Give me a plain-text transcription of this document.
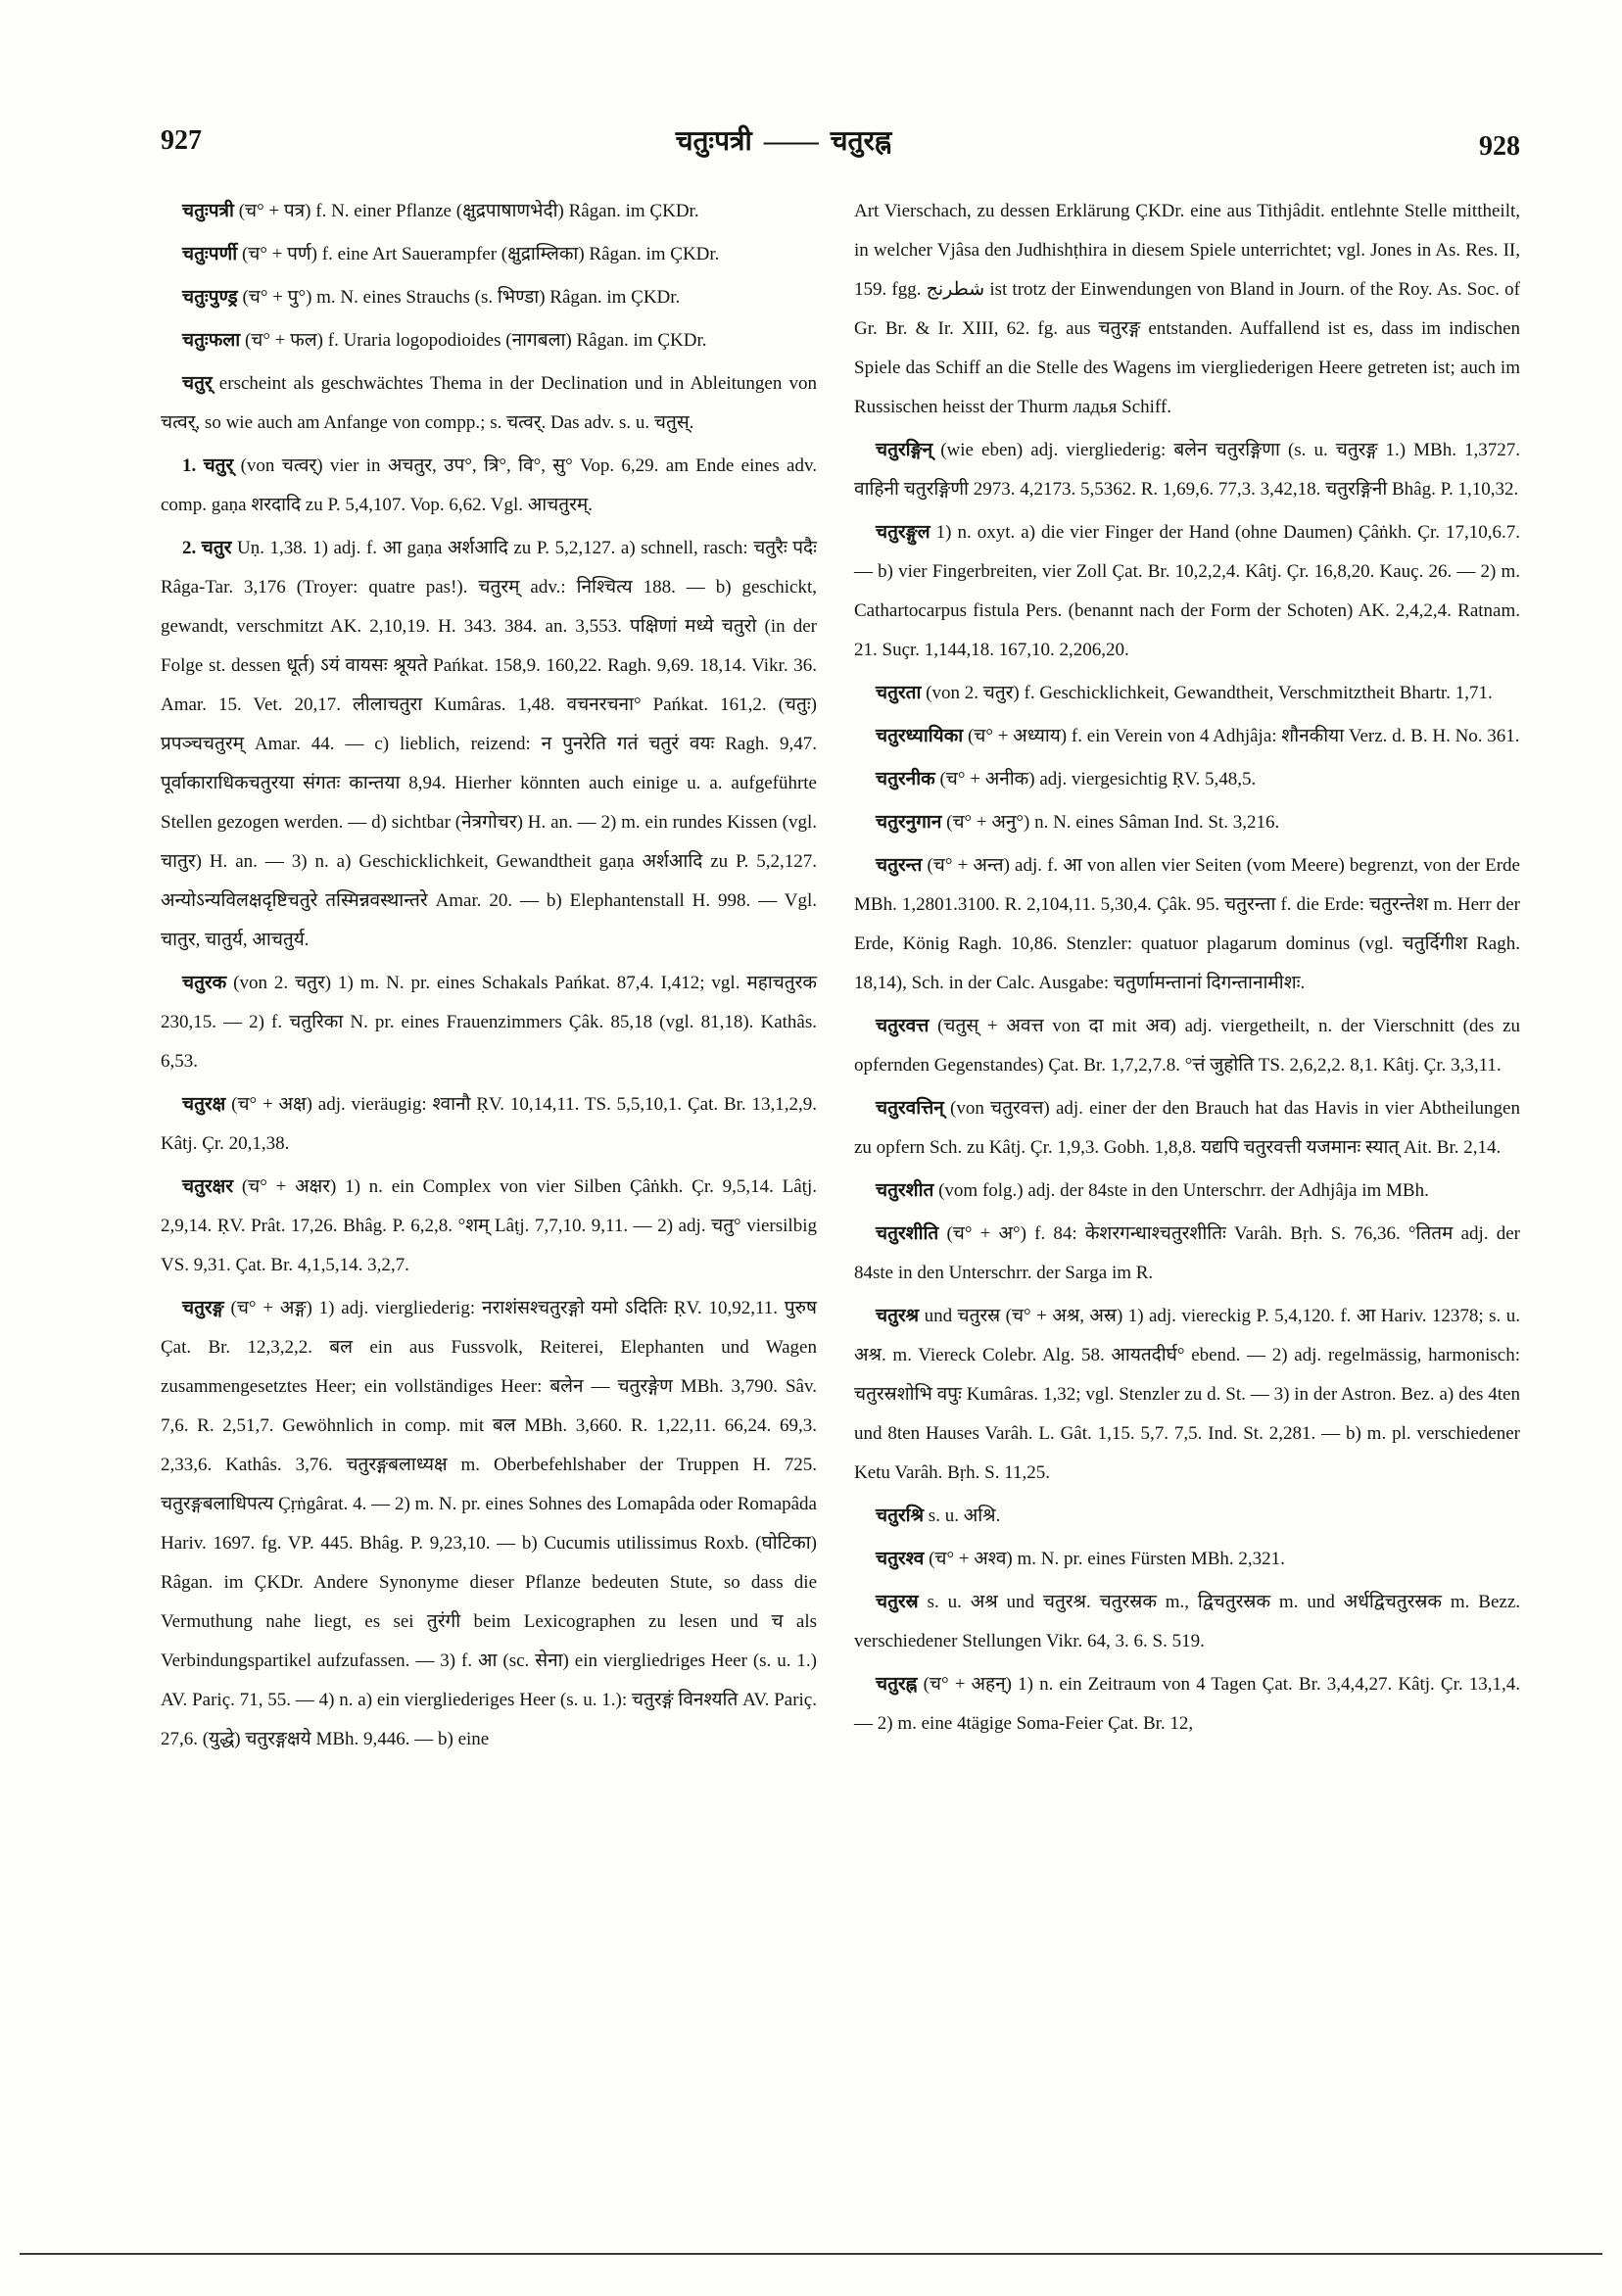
927	चतुःपत्री —— चतुरह्न	928

चतुःपत्री (च° + पत्र) f. N. einer Pflanze (क्षुद्रपाषाणभेदी) Râgan. im ÇKDr.

चतुःपर्णी (च° + पर्ण) f. eine Art Sauerampfer (क्षुद्राम्लिका) Râgan. im ÇKDr.

चतुःपुण्ड्र (च° + पु°) m. N. eines Strauchs (s. भिण्डा) Râgan. im ÇKDr.

चतुःफला (च° + फल) f. Uraria logopodioides (नागबला) Râgan. im ÇKDr.

चतुर् erscheint als geschwächtes Thema in der Declination und in Ableitungen von चत्वर्, so wie auch am Anfange von compp.; s. चत्वर्. Das adv. s. u. चतुस्.

1. चतुर् (von चत्वर्) vier in अचतुर, उप°, त्रि°, वि°, सु° Vop. 6,29. am Ende eines adv. comp. gaṇa शरदादि zu P. 5,4,107. Vop. 6,62. Vgl. आचतुरम्.

2. चतुर Uṇ. 1,38. 1) adj. f. आ gaṇa अर्शआदि zu P. 5,2,127. a) schnell, rasch: चतुरैः पदैः Râga-Tar. 3,176 (Troyer: quatre pas!). चतुरम् adv.: निश्चित्य 188. — b) geschickt, gewandt, verschmitzt AK. 2,10,19. H. 343. 384. an. 3,553. पक्षिणां मध्ये चतुरो (in der Folge st. dessen धूर्त) ऽयं वायसः श्रूयते Pańkat. 158,9. 160,22. Ragh. 9,69. 18,14. Vikr. 36. Amar. 15. Vet. 20,17. लीलाचतुरा Kumâras. 1,48. वचनरचना° Pańkat. 161,2. (चतुः) प्रपञ्चचतुरम् Amar. 44. — c) lieblich, reizend: न पुनरेति गतं चतुरं वयः Ragh. 9,47. पूर्वाकाराधिकचतुरया संगतः कान्तया 8,94. Hierher könnten auch einige u. a. aufgeführte Stellen gezogen werden. — d) sichtbar (नेत्रगोचर) H. an. — 2) m. ein rundes Kissen (vgl. चातुर) H. an. — 3) n. a) Geschicklichkeit, Gewandtheit gaṇa अर्शआदि zu P. 5,2,127. अन्योऽन्यविलक्षदृष्टिचतुरे तस्मिन्नवस्थान्तरे Amar. 20. — b) Elephantenstall H. 998. — Vgl. चातुर, चातुर्य, आचतुर्य.

चतुरक (von 2. चतुर) 1) m. N. pr. eines Schakals Pańkat. 87,4. I,412; vgl. महाचतुरक 230,15. — 2) f. चतुरिका N. pr. eines Frauenzimmers Çâk. 85,18 (vgl. 81,18). Kathâs. 6,53.

चतुरक्ष (च° + अक्ष) adj. vieräugig: श्वानौ ṚV. 10,14,11. TS. 5,5,10,1. Çat. Br. 13,1,2,9. Kâtj. Çr. 20,1,38.

चतुरक्षर (च° + अक्षर) 1) n. ein Complex von vier Silben Çâṅkh. Çr. 9,5,14. Lâṭj. 2,9,14. ṚV. Prât. 17,26. Bhâg. P. 6,2,8. °शम् Lâṭj. 7,7,10. 9,11. — 2) adj. चतु° viersilbig VS. 9,31. Çat. Br. 4,1,5,14. 3,2,7.

चतुरङ्ग (च° + अङ्ग) 1) adj. viergliederig: नराशंसश्चतुरङ्गो यमो ऽदितिः ṚV. 10,92,11. पुरुष Çat. Br. 12,3,2,2. बल ein aus Fussvolk, Reiterei, Elephanten und Wagen zusammengesetztes Heer; ein vollständiges Heer: बलेन — चतुरङ्गेण MBh. 3,790. Sâv. 7,6. R. 2,51,7. Gewöhnlich in comp. mit बल MBh. 3,660. R. 1,22,11. 66,24. 69,3. 2,33,6. Kathâs. 3,76. चतुरङ्गबलाध्यक्ष m. Oberbefehlshaber der Truppen H. 725. चतुरङ्गबलाधिपत्य Çṛṅgârat. 4. — 2) m. N. pr. eines Sohnes des Lomapâda oder Romapâda Hariv. 1697. fg. VP. 445. Bhâg. P. 9,23,10. — b) Cucumis utilissimus Roxb. (घोटिका) Râgan. im ÇKDr. Andere Synonyme dieser Pflanze bedeuten Stute, so dass die Vermuthung nahe liegt, es sei तुरंगी beim Lexicographen zu lesen und च als Verbindungspartikel aufzufassen. — 3) f. आ (sc. सेना) ein viergliedriges Heer (s. u. 1.) AV. Pariç. 71, 55. — 4) n. a) ein viergliederiges Heer (s. u. 1.): चतुरङ्गं विनश्यति AV. Pariç. 27,6. (युद्धे) चतुरङ्गक्षये MBh. 9,446. — b) eine

Art Vierschach, zu dessen Erklärung ÇKDr. eine aus Tithjâdit. entlehnte Stelle mittheilt, in welcher Vjâsa den Judhishṭhira in diesem Spiele unterrichtet; vgl. Jones in As. Res. II, 159. fgg. شطرنج ist trotz der Einwendungen von Bland in Journ. of the Roy. As. Soc. of Gr. Br. & Ir. XIII, 62. fg. aus चतुरङ्ग entstanden. Auffallend ist es, dass im indischen Spiele das Schiff an die Stelle des Wagens im viergliederigen Heere getreten ist; auch im Russischen heisst der Thurm ладья Schiff.

चतुरङ्गिन् (wie eben) adj. viergliederig: बलेन चतुरङ्गिणा (s. u. चतुरङ्ग 1.) MBh. 1,3727. वाहिनी चतुरङ्गिणी 2973. 4,2173. 5,5362. R. 1,69,6. 77,3. 3,42,18. चतुरङ्गिनी Bhâg. P. 1,10,32.

चतुरङ्गुल 1) n. oxyt. a) die vier Finger der Hand (ohne Daumen) Çâṅkh. Çr. 17,10,6.7. — b) vier Fingerbreiten, vier Zoll Çat. Br. 10,2,2,4. Kâtj. Çr. 16,8,20. Kauç. 26. — 2) m. Cathartocarpus fistula Pers. (benannt nach der Form der Schoten) AK. 2,4,2,4. Ratnam. 21. Suçr. 1,144,18. 167,10. 2,206,20.

चतुरता (von 2. चतुर) f. Geschicklichkeit, Gewandtheit, Verschmitztheit Bhartr. 1,71.

चतुरध्यायिका (च° + अध्याय) f. ein Verein von 4 Adhjâja: शौनकीया Verz. d. B. H. No. 361.

चतुरनीक (च° + अनीक) adj. viergesichtig ṚV. 5,48,5.

चतुरनुगान (च° + अनु°) n. N. eines Sâman Ind. St. 3,216.

चतुरन्त (च° + अन्त) adj. f. आ von allen vier Seiten (vom Meere) begrenzt, von der Erde MBh. 1,2801.3100. R. 2,104,11. 5,30,4. Çâk. 95. चतुरन्ता f. die Erde: चतुरन्तेश m. Herr der Erde, König Ragh. 10,86. Stenzler: quatuor plagarum dominus (vgl. चतुर्दिगीश Ragh. 18,14), Sch. in der Calc. Ausgabe: चतुर्णामन्तानां दिगन्तानामीशः.

चतुरवत्त (चतुस् + अवत्त von दा mit अव) adj. viergetheilt, n. der Vierschnitt (des zu opfernden Gegenstandes) Çat. Br. 1,7,2,7.8. °त्तं जुहोति TS. 2,6,2,2. 8,1. Kâtj. Çr. 3,3,11.

चतुरवत्तिन् (von चतुरवत्त) adj. einer der den Brauch hat das Havis in vier Abtheilungen zu opfern Sch. zu Kâtj. Çr. 1,9,3. Gobh. 1,8,8. यद्यपि चतुरवत्ती यजमानः स्यात् Ait. Br. 2,14.

चतुरशीत (vom folg.) adj. der 84ste in den Unterschrr. der Adhjâja im MBh.

चतुरशीति (च° + अ°) f. 84: केशरगन्धाश्चतुरशीतिः Varâh. Bṛh. S. 76,36. °तितम adj. der 84ste in den Unterschrr. der Sarga im R.

चतुरश्र und चतुरस्र (च° + अश्र, अस्र) 1) adj. viereckig P. 5,4,120. f. आ Hariv. 12378; s. u. अश्र. m. Viereck Colebr. Alg. 58. आयतदीर्घ° ebend. — 2) adj. regelmässig, harmonisch: चतुरस्रशोभि वपुः Kumâras. 1,32; vgl. Stenzler zu d. St. — 3) in der Astron. Bez. a) des 4ten und 8ten Hauses Varâh. L. Gât. 1,15. 5,7. 7,5. Ind. St. 2,281. — b) m. pl. verschiedener Ketu Varâh. Bṛh. S. 11,25.

चतुरश्रि s. u. अश्रि.

चतुरश्व (च° + अश्व) m. N. pr. eines Fürsten MBh. 2,321.

चतुरस्र s. u. अश्र und चतुरश्र. चतुरस्रक m., द्विचतुरस्रक m. und अर्धद्विचतुरस्रक m. Bezz. verschiedener Stellungen Vikr. 64, 3. 6. S. 519.

चतुरह्न (च° + अहन्) 1) n. ein Zeitraum von 4 Tagen Çat. Br. 3,4,4,27. Kâtj. Çr. 13,1,4. — 2) m. eine 4tägige Soma-Feier Çat. Br. 12,
